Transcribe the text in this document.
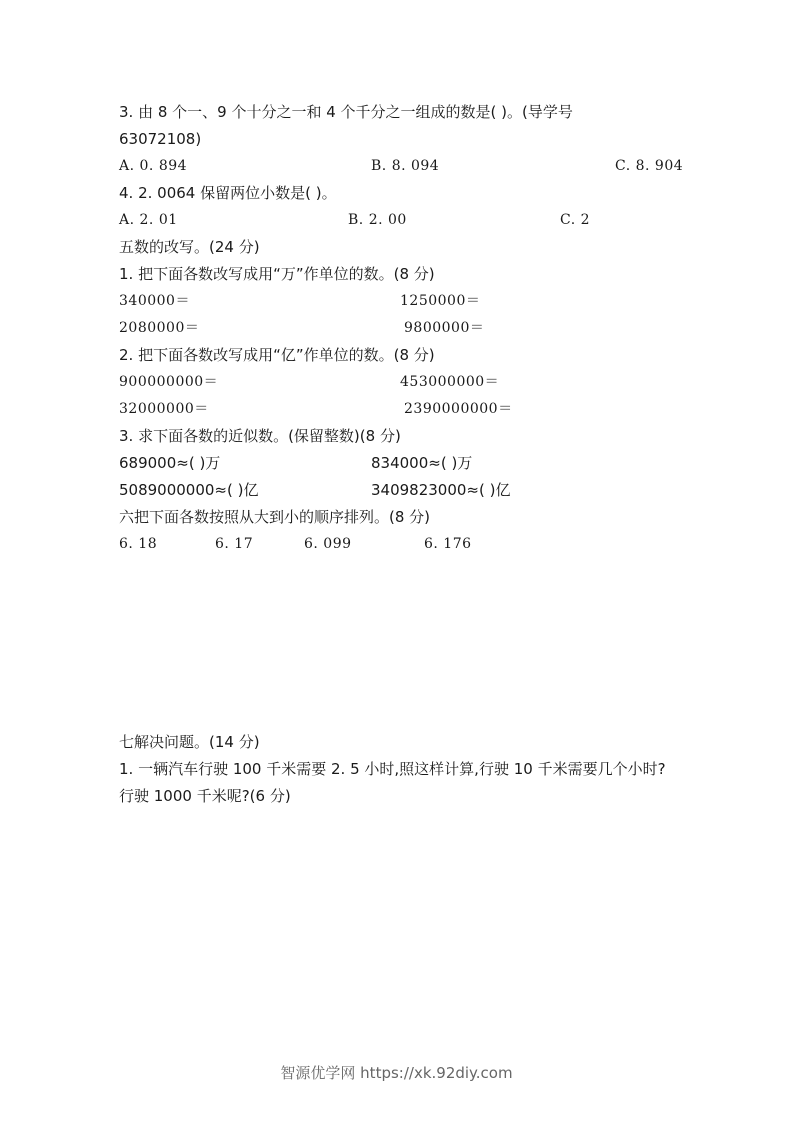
3. 由 8 个一、9 个十分之一和 4 个千分之一组成的数是( )。(导学号
63072108)
A. 0. 894	B. 8. 094	C. 8. 904
4. 2. 0064 保留两位小数是( )。
A. 2. 01	B. 2. 00	C. 2
五数的改写。(24 分)
1. 把下面各数改写成用“万”作单位的数。(8 分)
340000＝	1250000＝
2080000＝	9800000＝
2. 把下面各数改写成用“亿”作单位的数。(8 分)
900000000＝	453000000＝
32000000＝	2390000000＝
3. 求下面各数的近似数。(保留整数)(8 分)
689000≈( )万	834000≈( )万
5089000000≈( )亿	3409823000≈( )亿
六把下面各数按照从大到小的顺序排列。(8 分)
6. 18	6. 17	6. 099	6. 176
七解决问题。(14 分)
1. 一辆汽车行驶 100 千米需要 2. 5 小时,照这样计算,行驶 10 千米需要几个小时?
行驶 1000 千米呢?(6 分)
智源优学网 https://xk.92diy.com
